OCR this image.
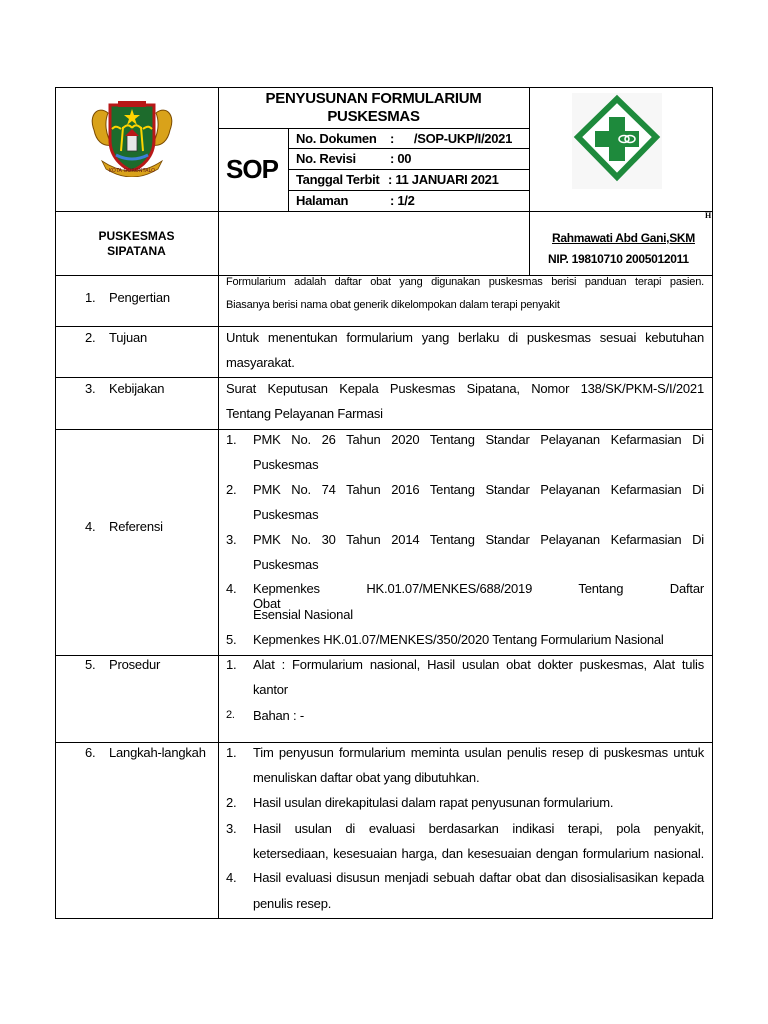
KOTA GORONTALO
PENYUSUNAN FORMULARIUM
PUSKESMAS
SOP
No. Dokumen :      /SOP-UKP/I/2021
No. Revisi	: 00
Tanggal Terbit : 11 JANUARI 2021
Halaman	: 1/2
PUSKESMAS
SIPATANA
H
Rahmawati Abd Gani,SKM
NIP. 19810710 2005012011
1. Pengertian
Formularium adalah daftar obat yang digunakan puskesmas berisi panduan terapi pasien.
Biasanya berisi nama obat generik dikelompokan dalam terapi penyakit
2. Tujuan	Untuk menentukan formularium yang berlaku di puskesmas sesuai kebutuhan
masyarakat.
3. Kebijakan	Surat Keputusan Kepala Puskesmas Sipatana, Nomor 138/SK/PKM-S/I/2021
Tentang Pelayanan Farmasi
4. Referensi
1. PMK No. 26 Tahun 2020 Tentang Standar Pelayanan Kefarmasian Di
Puskesmas
2. PMK No. 74 Tahun 2016 Tentang Standar Pelayanan Kefarmasian Di
Puskesmas
3. PMK No. 30 Tahun 2014 Tentang Standar Pelayanan Kefarmasian Di
Puskesmas
4. Kepmenkes HK.01.07/MENKES/688/2019 Tentang Daftar Obat
Esensial Nasional
5. Kepmenkes HK.01.07/MENKES/350/2020 Tentang Formularium Nasional
5. Prosedur	1. Alat : Formularium nasional, Hasil usulan obat dokter puskesmas, Alat tulis
kantor
2. Bahan : -
6. Langkah-langkah 1. Tim penyusun formularium meminta usulan penulis resep di puskesmas untuk
menuliskan daftar obat yang dibutuhkan.
2. Hasil usulan direkapitulasi dalam rapat penyusunan formularium.
3. Hasil usulan di evaluasi berdasarkan indikasi terapi, pola penyakit,
ketersediaan, kesesuaian harga, dan kesesuaian dengan formularium nasional.
4. Hasil evaluasi disusun menjadi sebuah daftar obat dan disosialisasikan kepada
penulis resep.
